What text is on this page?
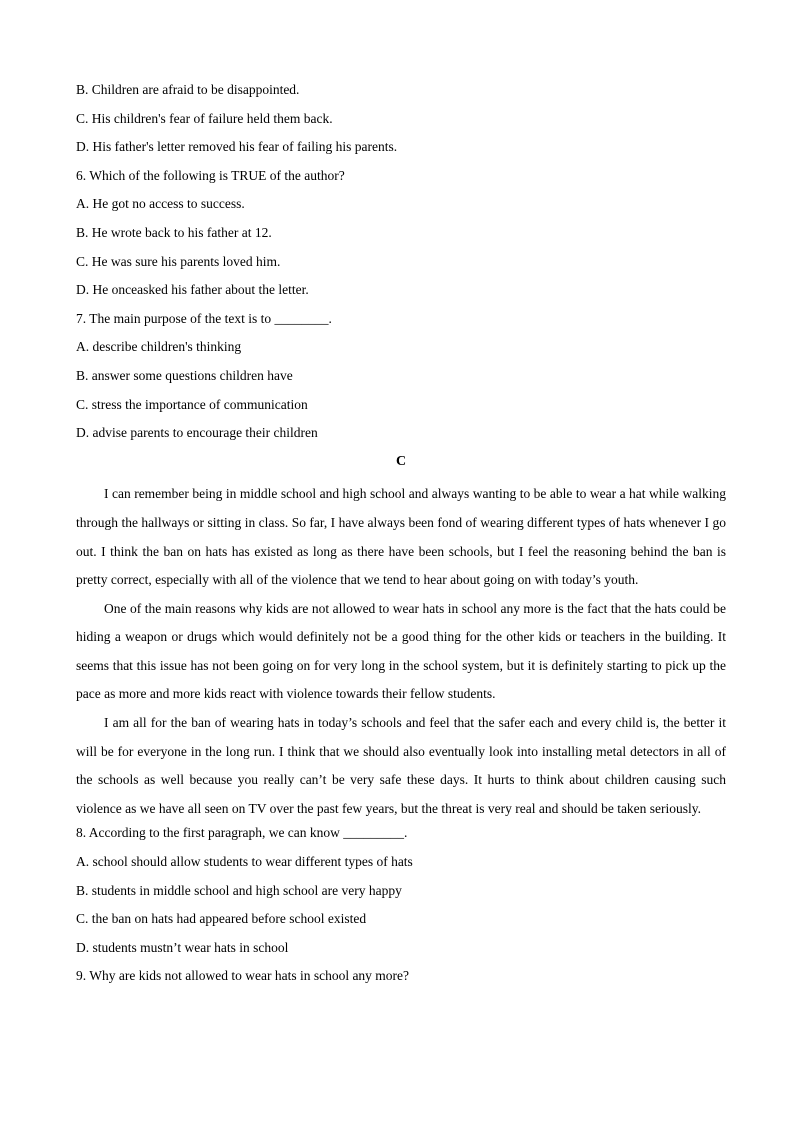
B. Children are afraid to be disappointed.
C. His children's fear of failure held them back.
D. His father's letter removed his fear of failing his parents.
6. Which of the following is TRUE of the author?
A. He got no access to success.
B. He wrote back to his father at 12.
C. He was sure his parents loved him.
D. He onceasked his father about the letter.
7. The main purpose of the text is to ________.
A. describe children's thinking
B. answer some questions children have
C. stress the importance of communication
D. advise parents to encourage their children
C

I can remember being in middle school and high school and always wanting to be able to wear a hat while walking through the hallways or sitting in class. So far, I have always been fond of wearing different types of hats whenever I go out. I think the ban on hats has existed as long as there have been schools, but I feel the reasoning behind the ban is pretty correct, especially with all of the violence that we tend to hear about going on with today’s youth.

One of the main reasons why kids are not allowed to wear hats in school any more is the fact that the hats could be hiding a weapon or drugs which would definitely not be a good thing for the other kids or teachers in the building. It seems that this issue has not been going on for very long in the school system, but it is definitely starting to pick up the pace as more and more kids react with violence towards their fellow students.

I am all for the ban of wearing hats in today’s schools and feel that the safer each and every child is, the better it will be for everyone in the long run. I think that we should also eventually look into installing metal detectors in all of the schools as well because you really can’t be very safe these days. It hurts to think about children causing such violence as we have all seen on TV over the past few years, but the threat is very real and should be taken seriously.

8. According to the first paragraph, we can know _________.
A. school should allow students to wear different types of hats
B. students in middle school and high school are very happy
C. the ban on hats had appeared before school existed
D. students mustn’t wear hats in school
9. Why are kids not allowed to wear hats in school any more?
